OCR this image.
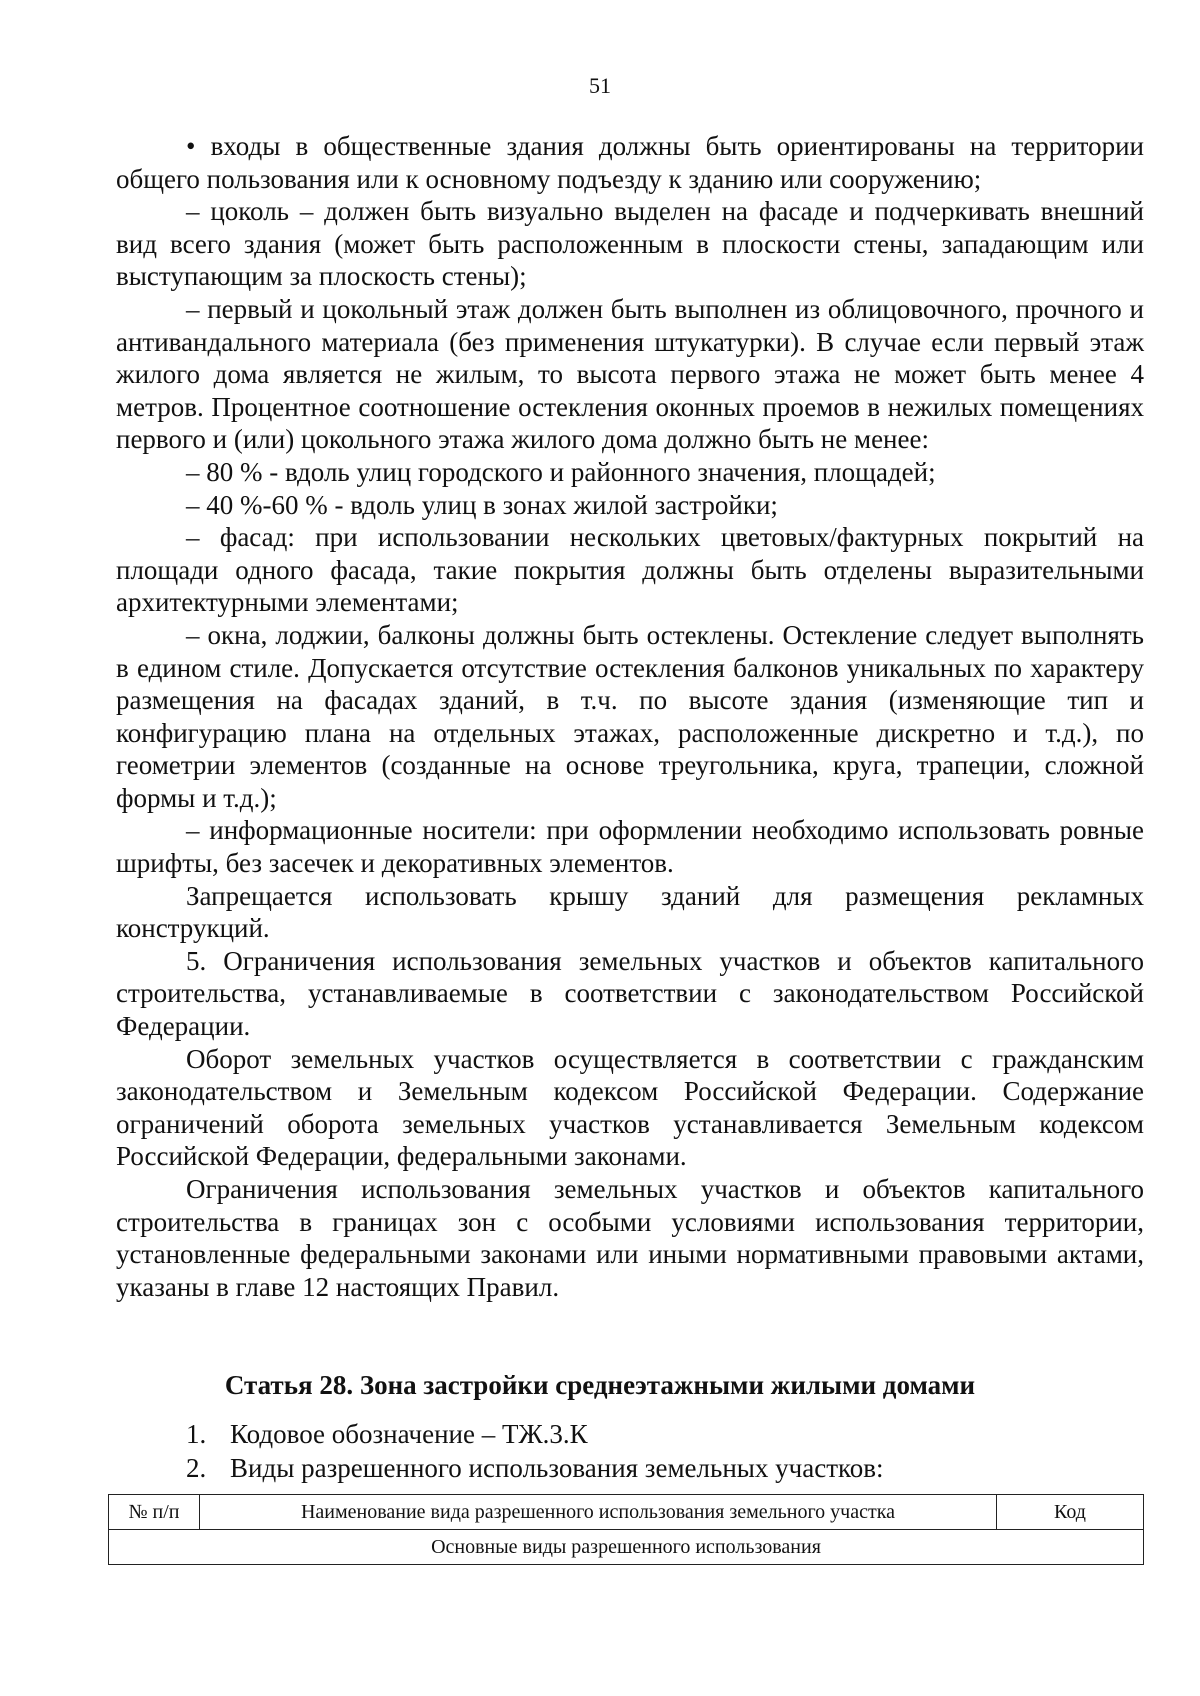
51

• входы в общественные здания должны быть ориентированы на территории общего пользования или к основному подъезду к зданию или сооружению;

– цоколь – должен быть визуально выделен на фасаде и подчеркивать внешний вид всего здания (может быть расположенным в плоскости стены, западающим или выступающим за плоскость стены);

– первый и цокольный этаж должен быть выполнен из облицовочного, прочного и антивандального материала (без применения штукатурки). В случае если первый этаж жилого дома является не жилым, то высота первого этажа не может быть менее 4 метров. Процентное соотношение остекления оконных проемов в нежилых помещениях первого и (или) цокольного этажа жилого дома должно быть не менее:

– 80 % - вдоль улиц городского и районного значения, площадей;

– 40 %-60 % - вдоль улиц в зонах жилой застройки;

– фасад: при использовании нескольких цветовых/фактурных покрытий на площади одного фасада, такие покрытия должны быть отделены выразительными архитектурными элементами;

– окна, лоджии, балконы должны быть остеклены. Остекление следует выполнять в едином стиле. Допускается отсутствие остекления балконов уникальных по характеру размещения на фасадах зданий, в т.ч. по высоте здания (изменяющие тип и конфигурацию плана на отдельных этажах, расположенные дискретно и т.д.), по геометрии элементов (созданные на основе треугольника, круга, трапеции, сложной формы и т.д.);

– информационные носители: при оформлении необходимо использовать ровные шрифты, без засечек и декоративных элементов.

Запрещается использовать крышу зданий для размещения рекламных конструкций.

5. Ограничения использования земельных участков и объектов капитального строительства, устанавливаемые в соответствии с законодательством Российской Федерации.

Оборот земельных участков осуществляется в соответствии с гражданским законодательством и Земельным кодексом Российской Федерации. Содержание ограничений оборота земельных участков устанавливается Земельным кодексом Российской Федерации, федеральными законами.

Ограничения использования земельных участков и объектов капитального строительства в границах зон с особыми условиями использования территории, установленные федеральными законами или иными нормативными правовыми актами, указаны в главе 12 настоящих Правил.

Статья 28. Зона застройки среднеэтажными жилыми домами

1. Кодовое обозначение – ТЖ.3.К

2. Виды разрешенного использования земельных участков:

№ п/п	Наименование вида разрешенного использования земельного участка	Код
Основные виды разрешенного использования
